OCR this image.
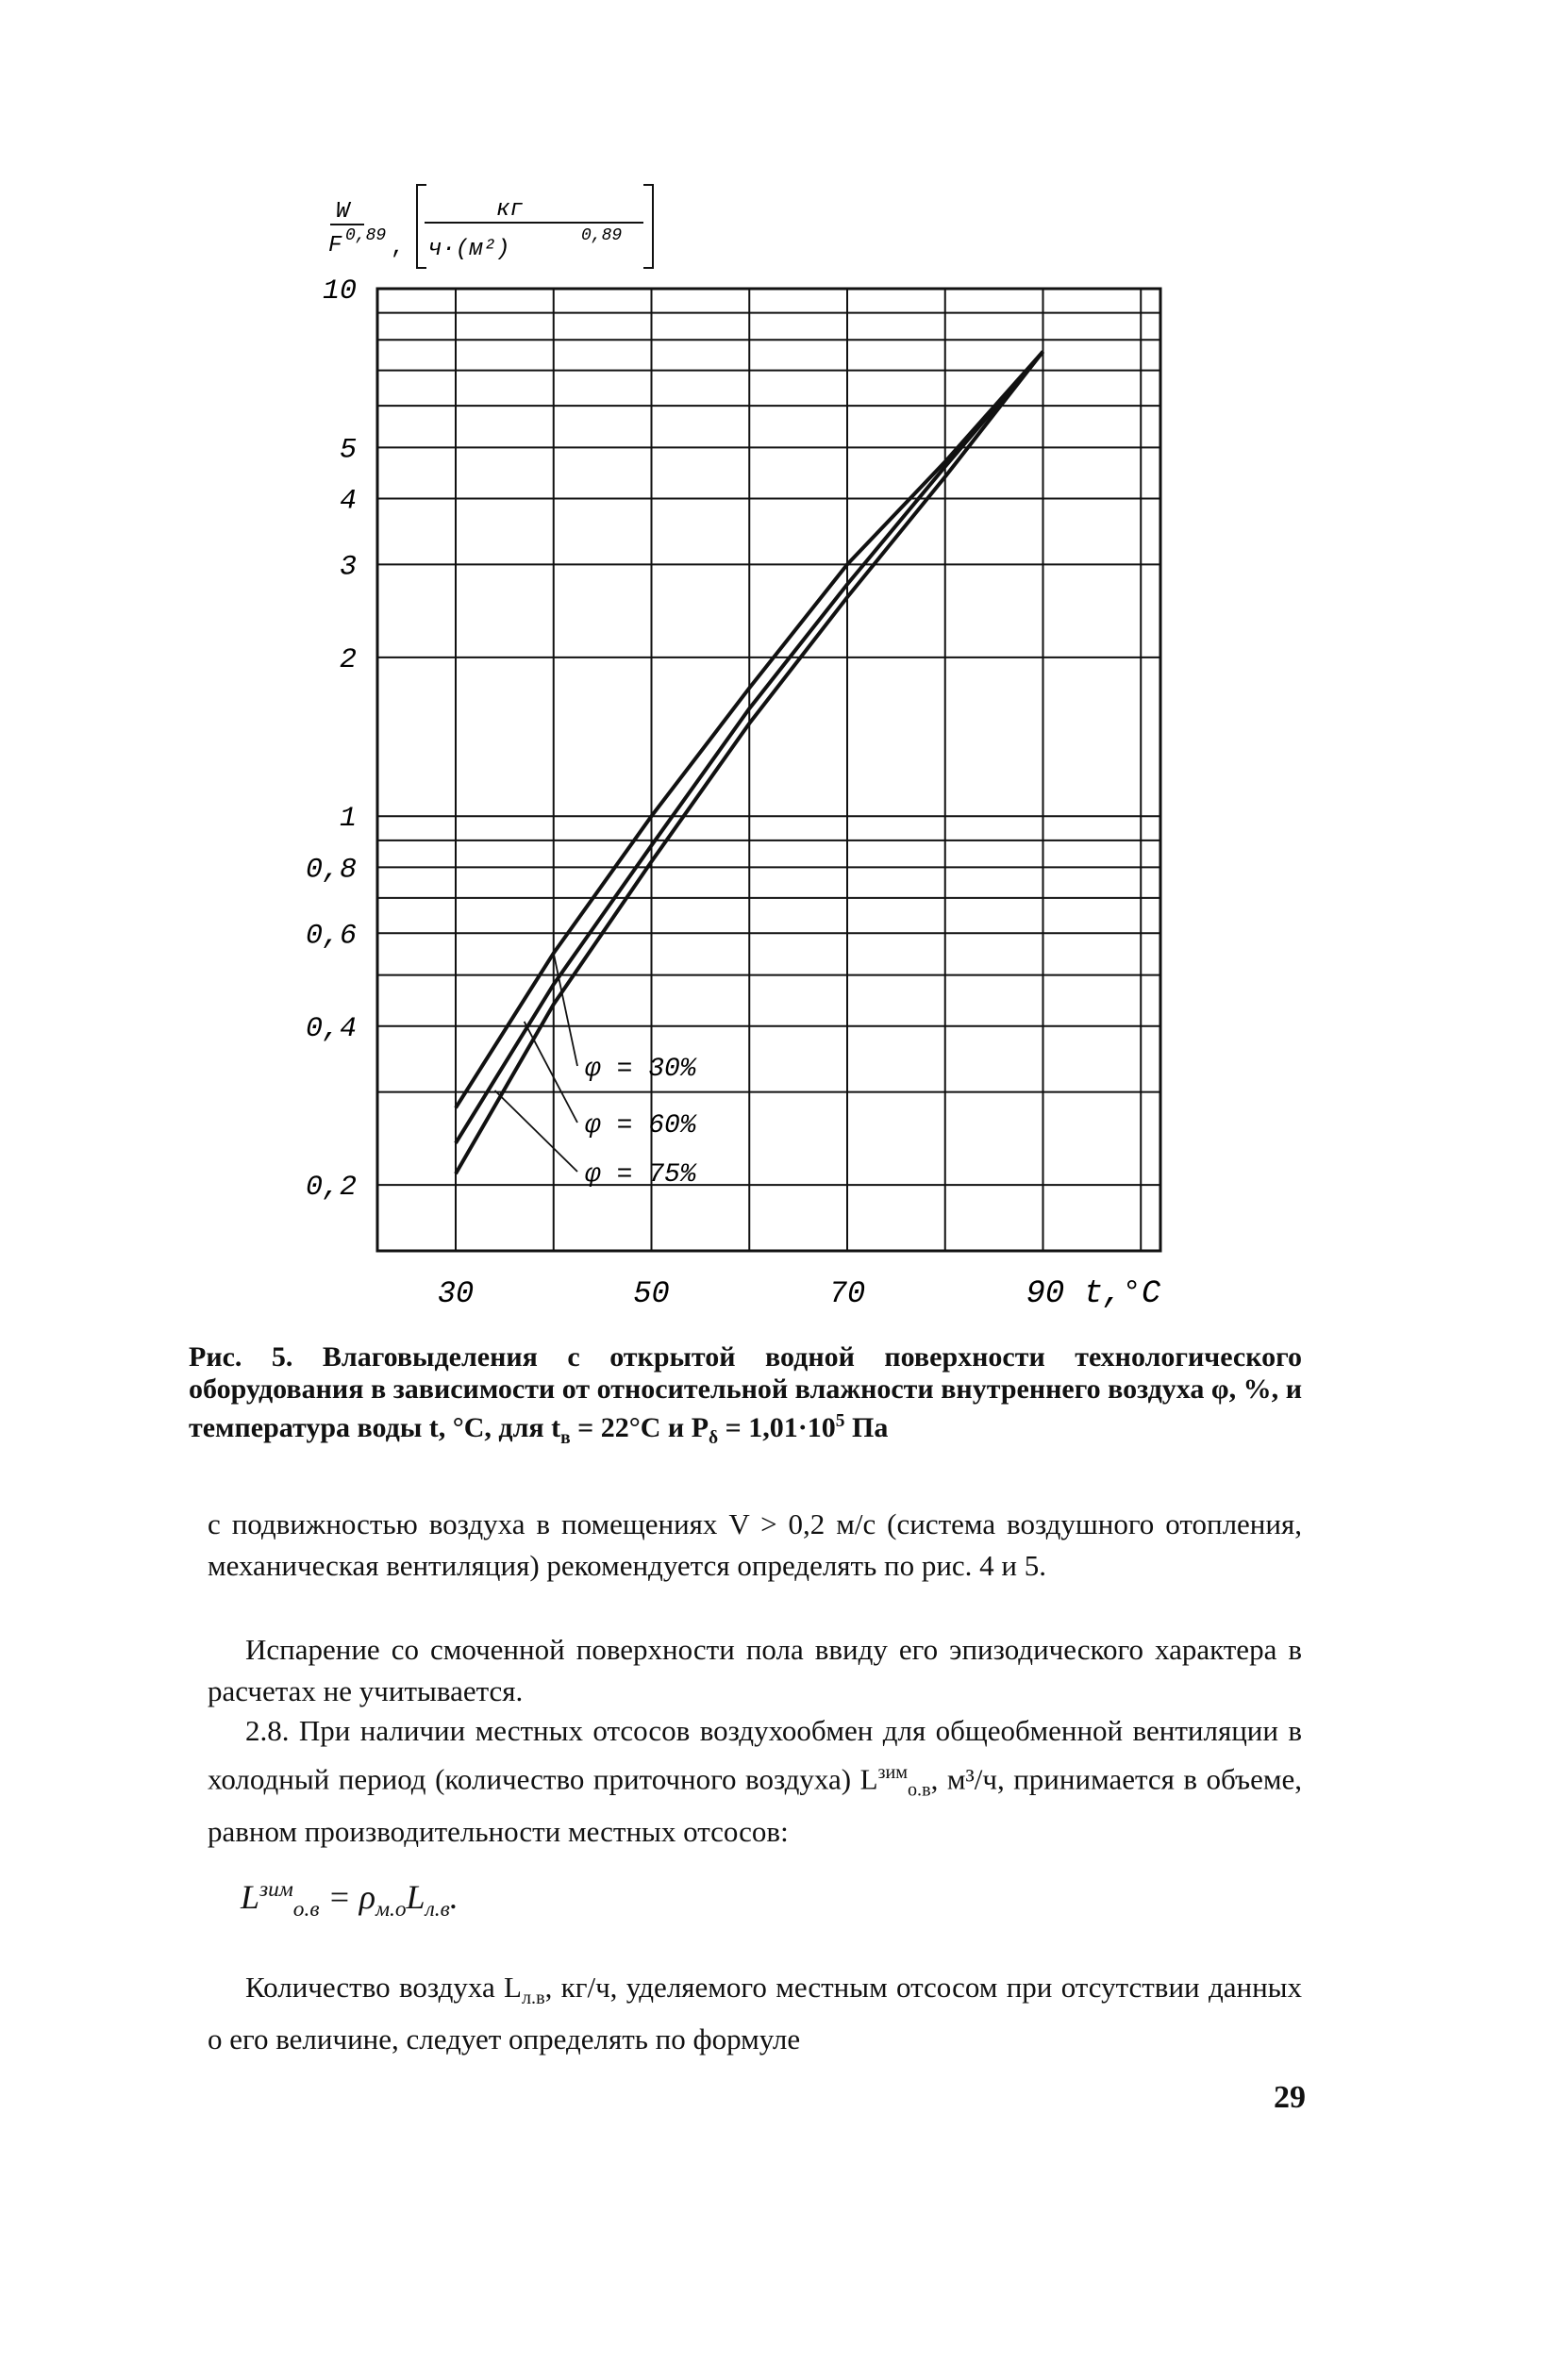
10
5
4
3
2
1
0,8
0,6
0,4
0,2
30	50	70	90 t,°C
W
F 0,89 ,
кг
ч·(м²)
0,89
φ = 30%
φ = 60%
φ = 75%
Рис. 5. Влаговыделения с открытой водной поверхности технологического оборудования в зависимости от относительной влажности внутреннего воздуха φ, %, и температура воды t, °С, для $t_в = 22^\circ С$ и $P_\delta = 1,01\cdot 10^5$ Па
с подвижностью воздуха в помещениях V > 0,2 м/с (система воздушного отопления, механическая вентиляция) рекомендуется определять по рис. 4 и 5.
Испарение со смоченной поверхности пола ввиду его эпизодического характера в расчетах не учитывается.
2.8. При наличии местных отсосов воздухообмен для общеобменной вентиляции в холодный период (количество приточного воздуха) $L^{зим}_{о.в}$, м³/ч, принимается в объеме, равном производительности местных отсосов:
$L^{зим}_{о.в} = \rho_{м.о}L_{л.в}$.
Количество воздуха $L_{л.в}$, кг/ч, уделяемого местным отсосом при отсутствии данных о его величине, следует определять по формуле
29
